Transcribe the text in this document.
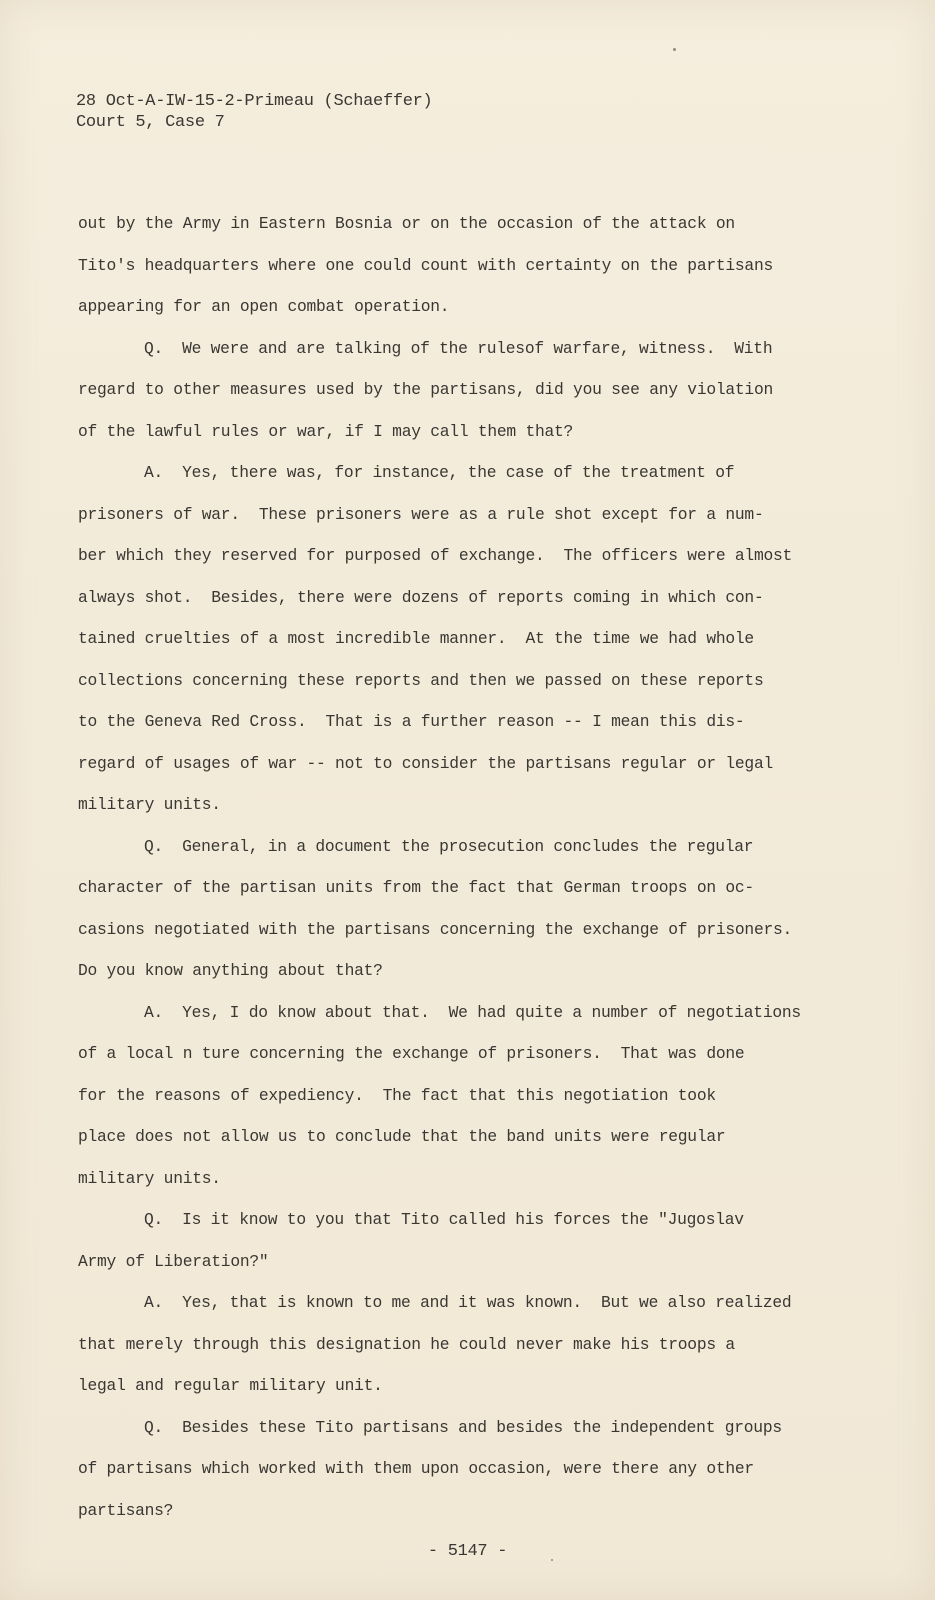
28 Oct-A-IW-15-2-Primeau (Schaeffer)
Court 5, Case 7
out by the Army in Eastern Bosnia or on the occasion of the attack on
Tito's headquarters where one could count with certainty on the partisans
appearing for an open combat operation.
Q.  We were and are talking of the rulesof warfare, witness.  With
regard to other measures used by the partisans, did you see any violation
of the lawful rules or war, if I may call them that?
A.  Yes, there was, for instance, the case of the treatment of
prisoners of war.  These prisoners were as a rule shot except for a num-
ber which they reserved for purposed of exchange.  The officers were almost
always shot.  Besides, there were dozens of reports coming in which con-
tained cruelties of a most incredible manner.  At the time we had whole
collections concerning these reports and then we passed on these reports
to the Geneva Red Cross.  That is a further reason -- I mean this dis-
regard of usages of war -- not to consider the partisans regular or legal
military units.
Q.  General, in a document the prosecution concludes the regular
character of the partisan units from the fact that German troops on oc-
casions negotiated with the partisans concerning the exchange of prisoners.
Do you know anything about that?
A.  Yes, I do know about that.  We had quite a number of negotiations
of a local n ture concerning the exchange of prisoners.  That was done
for the reasons of expediency.  The fact that this negotiation took
place does not allow us to conclude that the band units were regular
military units.
Q.  Is it know to you that Tito called his forces the "Jugoslav
Army of Liberation?"
A.  Yes, that is known to me and it was known.  But we also realized
that merely through this designation he could never make his troops a
legal and regular military unit.
Q.  Besides these Tito partisans and besides the independent groups
of partisans which worked with them upon occasion, were there any other
partisans?
- 5147 -
